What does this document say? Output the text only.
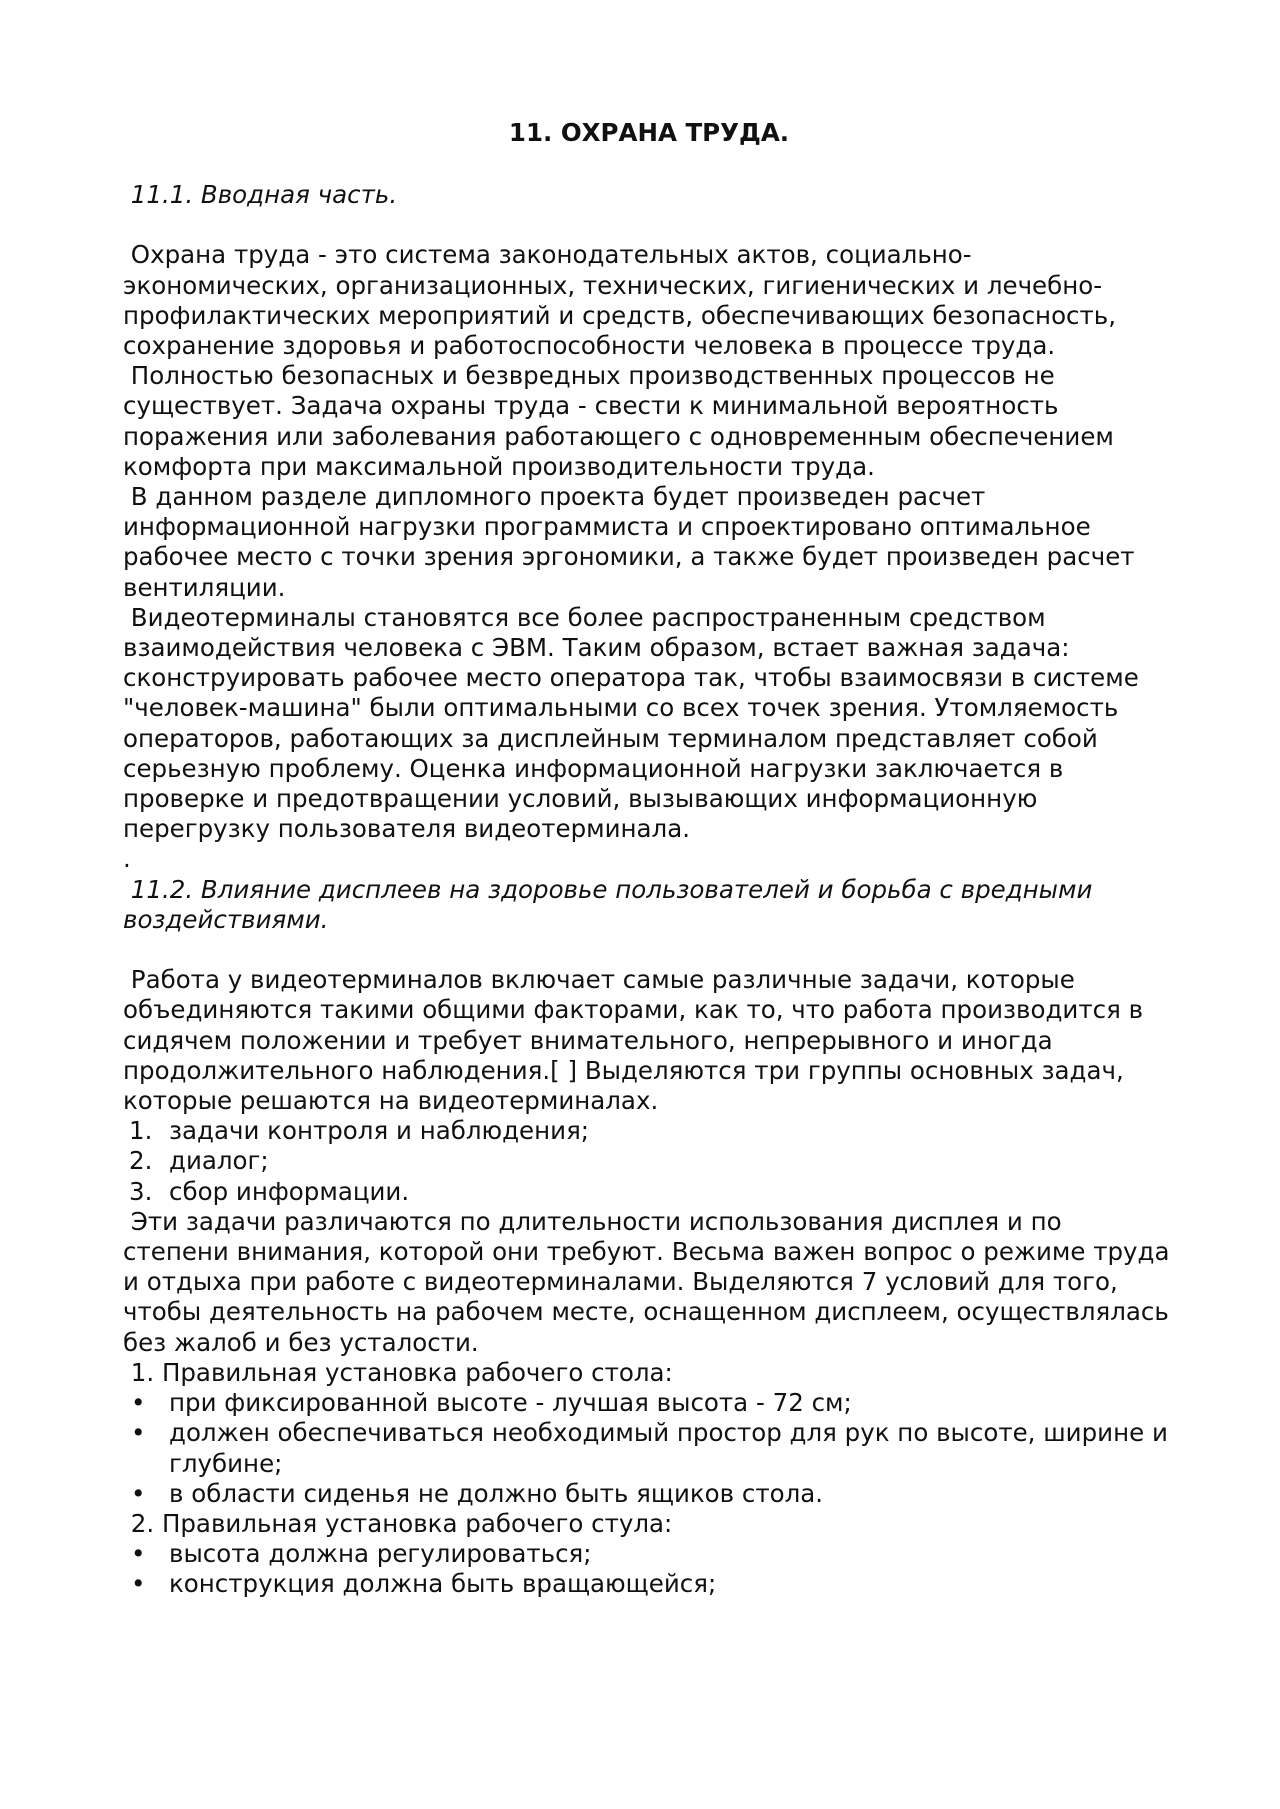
11. ОХРАНА ТРУДА.

11.1. Вводная часть.

Охрана труда - это система законодательных актов, социально-экономических, организационных, технических, гигиенических и лечебно-профилактических мероприятий и средств, обеспечивающих безопасность, сохранение здоровья и работоспособности человека в процессе труда.

Полностью безопасных и безвредных производственных процессов не существует. Задача охраны труда - свести к минимальной вероятность поражения или заболевания работающего с одновременным обеспечением комфорта при максимальной производительности труда.

В данном разделе дипломного проекта будет произведен расчет информационной нагрузки программиста и спроектировано оптимальное рабочее место с точки зрения эргономики, а также будет произведен расчет вентиляции.

Видеотерминалы становятся все более распространенным средством взаимодействия человека с ЭВМ. Таким образом, встает важная задача: сконструировать рабочее место оператора так, чтобы взаимосвязи в системе "человек-машина" были оптимальными со всех точек зрения. Утомляемость операторов, работающих за дисплейным терминалом представляет собой серьезную проблему. Оценка информационной нагрузки заключается в проверке и предотвращении условий, вызывающих информационную перегрузку пользователя видеотерминала.

.

11.2. Влияние дисплеев на здоровье пользователей и борьба с вредными воздействиями.

Работа у видеотерминалов включает самые различные задачи, которые объединяются такими общими факторами, как то, что работа производится в сидячем положении и требует внимательного, непрерывного и иногда продолжительного наблюдения.[ ] Выделяются три группы основных задач, которые решаются на видеотерминалах.

1. задачи контроля и наблюдения;
2. диалог;
3. сбор информации.

Эти задачи различаются по длительности использования дисплея и по степени внимания, которой они требуют. Весьма важен вопрос о режиме труда и отдыха при работе с видеотерминалами. Выделяются 7 условий для того, чтобы деятельность на рабочем месте, оснащенном дисплеем, осуществлялась без жалоб и без усталости.

1. Правильная установка рабочего стола:

• при фиксированной высоте - лучшая высота - 72 см;
• должен обеспечиваться необходимый простор для рук по высоте, ширине и глубине;
• в области сиденья не должно быть ящиков стола.

2. Правильная установка рабочего стула:

• высота должна регулироваться;
• конструкция должна быть вращающейся;
